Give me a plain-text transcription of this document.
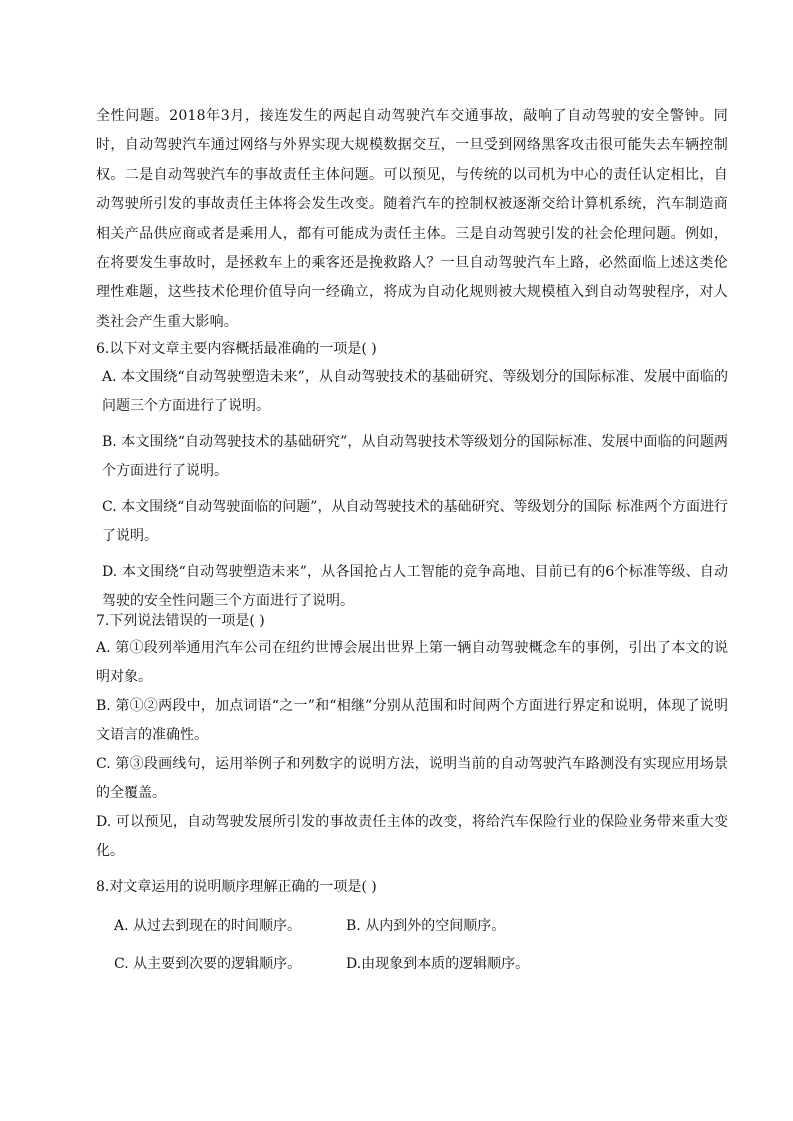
全性问题。2018年3月，接连发生的两起自动驾驶汽车交通事故，敲响了自动驾驶的安全警钟。同时，自动驾驶汽车通过网络与外界实现大规模数据交互，一旦受到网络黑客攻击很可能失去车辆控制权。二是自动驾驶汽车的事故责任主体问题。可以预见，与传统的以司机为中心的责任认定相比，自动驾驶所引发的事故责任主体将会发生改变。随着汽车的控制权被逐渐交给计算机系统，汽车制造商相关产品供应商或者是乘用人，都有可能成为责任主体。三是自动驾驶引发的社会伦理问题。例如，在将要发生事故时，是拯救车上的乘客还是挽救路人？一旦自动驾驶汽车上路，必然面临上述这类伦理性难题，这些技术伦理价值导向一经确立，将成为自动化规则被大规模植入到自动驾驶程序，对人类社会产生重大影响。

6.以下对文章主要内容概括最准确的一项是( )

A. 本文围绕“自动驾驶塑造未来”，从自动驾驶技术的基础研究、等级划分的国际标准、发展中面临的问题三个方面进行了说明。

B. 本文围绕“自动驾驶技术的基础研究”，从自动驾驶技术等级划分的国际标准、发展中面临的问题两个方面进行了说明。

C. 本文围绕“自动驾驶面临的问题”，从自动驾驶技术的基础研究、等级划分的国际 标准两个方面进行了说明。

D. 本文围绕“自动驾驶塑造未来”，从各国抢占人工智能的竞争高地、目前已有的6个标准等级、自动驾驶的安全性问题三个方面进行了说明。

7.下列说法错误的一项是( )

A. 第①段列举通用汽车公司在纽约世博会展出世界上第一辆自动驾驶概念车的事例，引出了本文的说明对象。

B. 第①②两段中，加点词语“之一”和“相继”分别从范围和时间两个方面进行界定和说明，体现了说明文语言的准确性。

C. 第③段画线句，运用举例子和列数字的说明方法，说明当前的自动驾驶汽车路测没有实现应用场景的全覆盖。

D. 可以预见，自动驾驶发展所引发的事故责任主体的改变，将给汽车保险行业的保险业务带来重大变化。

8.对文章运用的说明顺序理解正确的一项是( )

A. 从过去到现在的时间顺序。	B. 从内到外的空间顺序。
C. 从主要到次要的逻辑顺序。	D.由现象到本质的逻辑顺序。
